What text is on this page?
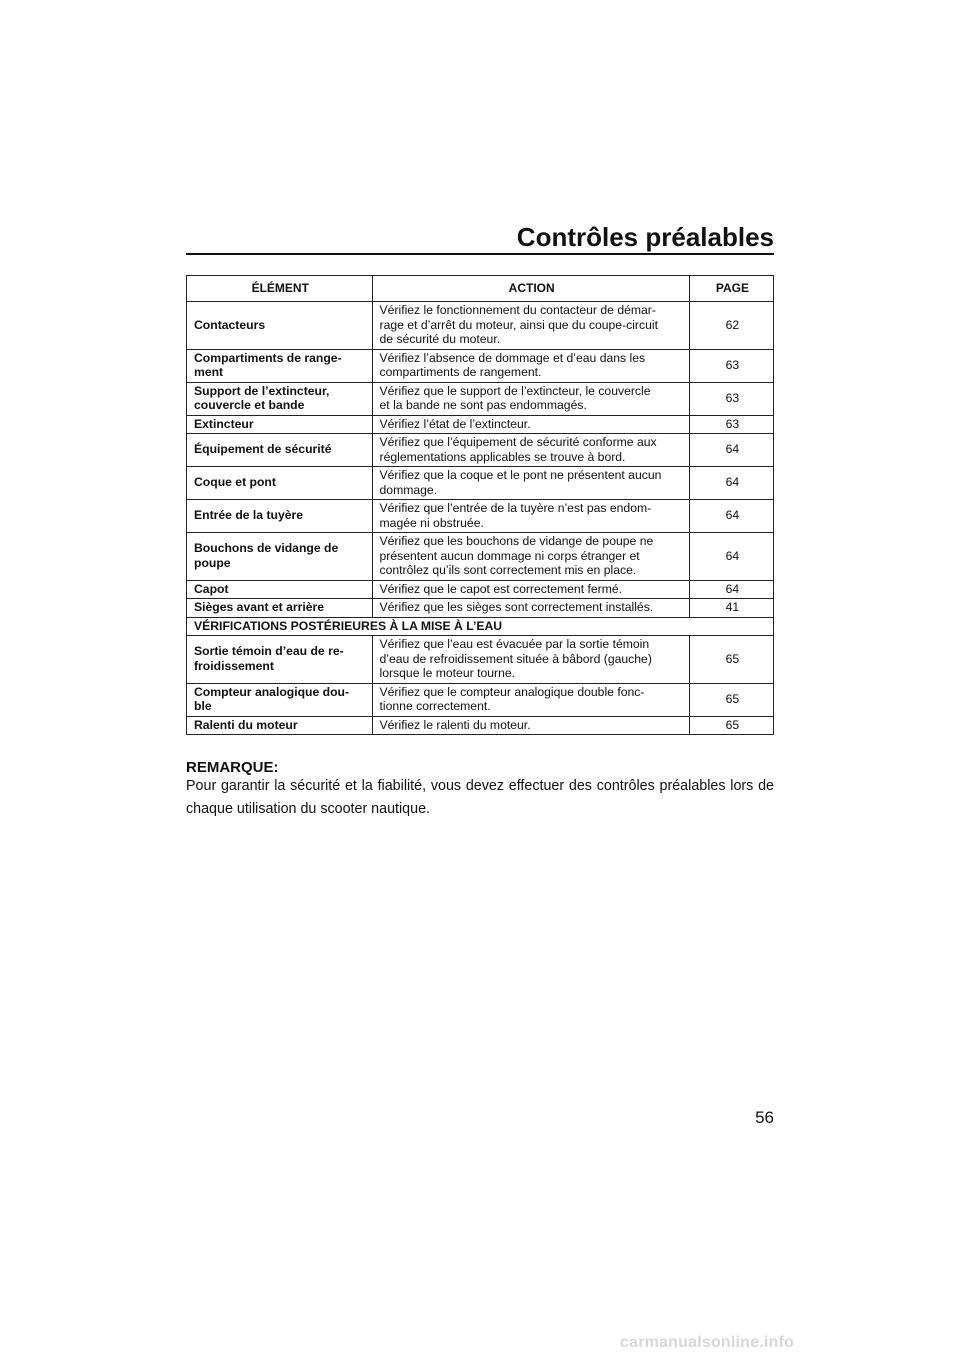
Contrôles préalables
ÉLÉMENT	ACTION	PAGE
Contacteurs	Vérifiez le fonctionnement du contacteur de démar-
rage et d’arrêt du moteur, ainsi que du coupe-circuit
de sécurité du moteur.	62
Compartiments de range-
ment	Vérifiez l’absence de dommage et d’eau dans les
compartiments de rangement.	63
Support de l’extincteur,
couvercle et bande	Vérifiez que le support de l’extincteur, le couvercle
et la bande ne sont pas endommagés.	63
Extincteur	Vérifiez l’état de l’extincteur.	63
Équipement de sécurité	Vérifiez que l’équipement de sécurité conforme aux
réglementations applicables se trouve à bord.	64
Coque et pont	Vérifiez que la coque et le pont ne présentent aucun
dommage.	64
Entrée de la tuyère	Vérifiez que l’entrée de la tuyère n’est pas endom-
magée ni obstruée.	64
Bouchons de vidange de
poupe	Vérifiez que les bouchons de vidange de poupe ne
présentent aucun dommage ni corps étranger et
contrôlez qu’ils sont correctement mis en place.	64
Capot	Vérifiez que le capot est correctement fermé.	64
Sièges avant et arrière	Vérifiez que les sièges sont correctement installés.	41
VÉRIFICATIONS POSTÉRIEURES À LA MISE À L’EAU		
Sortie témoin d’eau de re-
froidissement	Vérifiez que l’eau est évacuée par la sortie témoin
d’eau de refroidissement située à bâbord (gauche)
lorsque le moteur tourne.	65
Compteur analogique dou-
ble	Vérifiez que le compteur analogique double fonc-
tionne correctement.	65
Ralenti du moteur	Vérifiez le ralenti du moteur.	65
REMARQUE:
Pour garantir la sécurité et la fiabilité, vous devez effectuer des contrôles préalables lors de chaque utilisation du scooter nautique.
56
carmanualsonline.info
